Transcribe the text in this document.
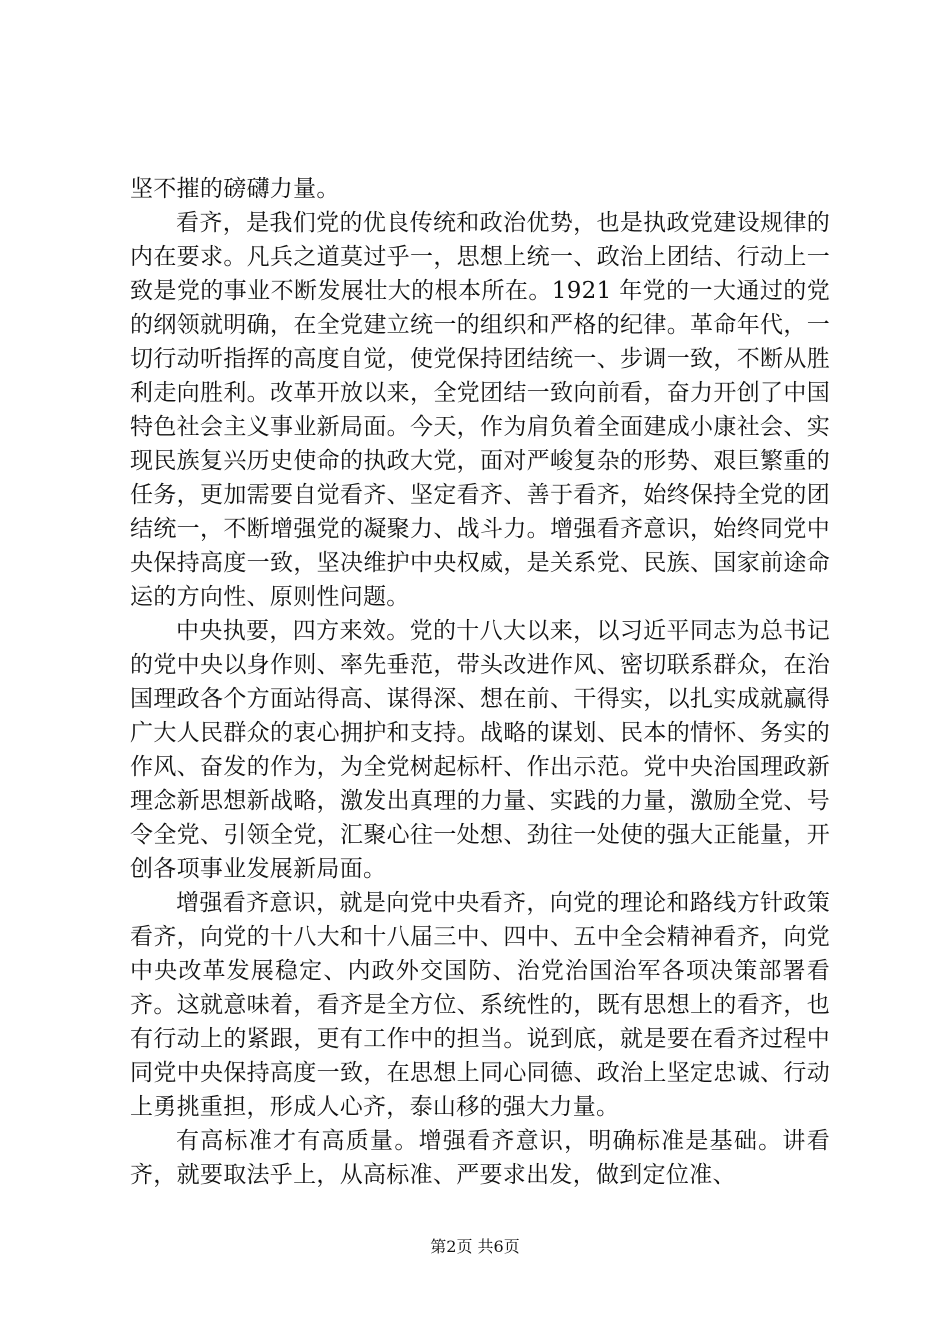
坚不摧的磅礴力量。

看齐，是我们党的优良传统和政治优势，也是执政党建设规律的内在要求。凡兵之道莫过乎一，思想上统一、政治上团结、行动上一致是党的事业不断发展壮大的根本所在。1921 年党的一大通过的党的纲领就明确，在全党建立统一的组织和严格的纪律。革命年代，一切行动听指挥的高度自觉，使党保持团结统一、步调一致，不断从胜利走向胜利。改革开放以来，全党团结一致向前看，奋力开创了中国特色社会主义事业新局面。今天，作为肩负着全面建成小康社会、实现民族复兴历史使命的执政大党，面对严峻复杂的形势、艰巨繁重的任务，更加需要自觉看齐、坚定看齐、善于看齐，始终保持全党的团结统一，不断增强党的凝聚力、战斗力。增强看齐意识，始终同党中央保持高度一致，坚决维护中央权威，是关系党、民族、国家前途命运的方向性、原则性问题。

中央执要，四方来效。党的十八大以来，以习近平同志为总书记的党中央以身作则、率先垂范，带头改进作风、密切联系群众，在治国理政各个方面站得高、谋得深、想在前、干得实，以扎实成就赢得广大人民群众的衷心拥护和支持。战略的谋划、民本的情怀、务实的作风、奋发的作为，为全党树起标杆、作出示范。党中央治国理政新理念新思想新战略，激发出真理的力量、实践的力量，激励全党、号令全党、引领全党，汇聚心往一处想、劲往一处使的强大正能量，开创各项事业发展新局面。

增强看齐意识，就是向党中央看齐，向党的理论和路线方针政策看齐，向党的十八大和十八届三中、四中、五中全会精神看齐，向党中央改革发展稳定、内政外交国防、治党治国治军各项决策部署看齐。这就意味着，看齐是全方位、系统性的，既有思想上的看齐，也有行动上的紧跟，更有工作中的担当。说到底，就是要在看齐过程中同党中央保持高度一致，在思想上同心同德、政治上坚定忠诚、行动上勇挑重担，形成人心齐，泰山移的强大力量。

有高标准才有高质量。增强看齐意识，明确标准是基础。讲看齐，就要取法乎上，从高标准、严要求出发，做到定位准、

第2页 共6页
